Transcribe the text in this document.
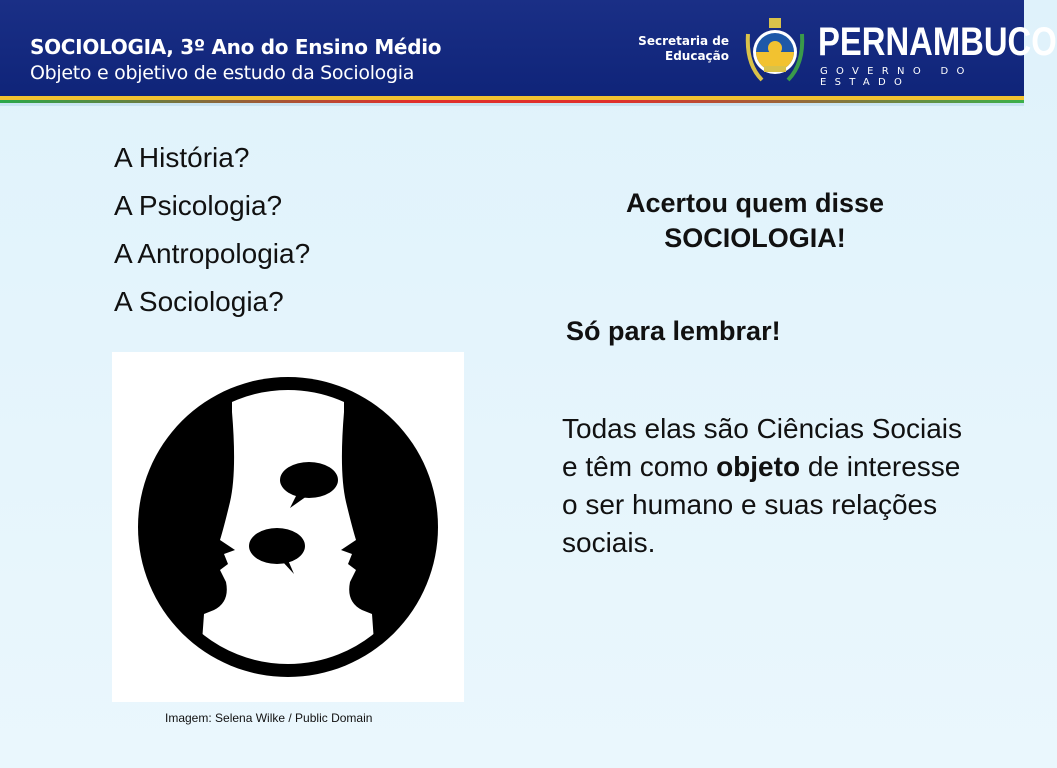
SOCIOLOGIA, 3º Ano do Ensino Médio
Objeto e objetivo de estudo da Sociologia
Secretaria de
Educação PERNAMBUCO
GOVERNO DO ESTADO
A História?
A Psicologia?
A Antropologia?
A Sociologia?
Imagem: Selena Wilke / Public Domain
Acertou quem disse
SOCIOLOGIA!
Só para lembrar!
Todas elas são Ciências Sociais e têm como objeto de interesse o ser humano e suas relações sociais.
